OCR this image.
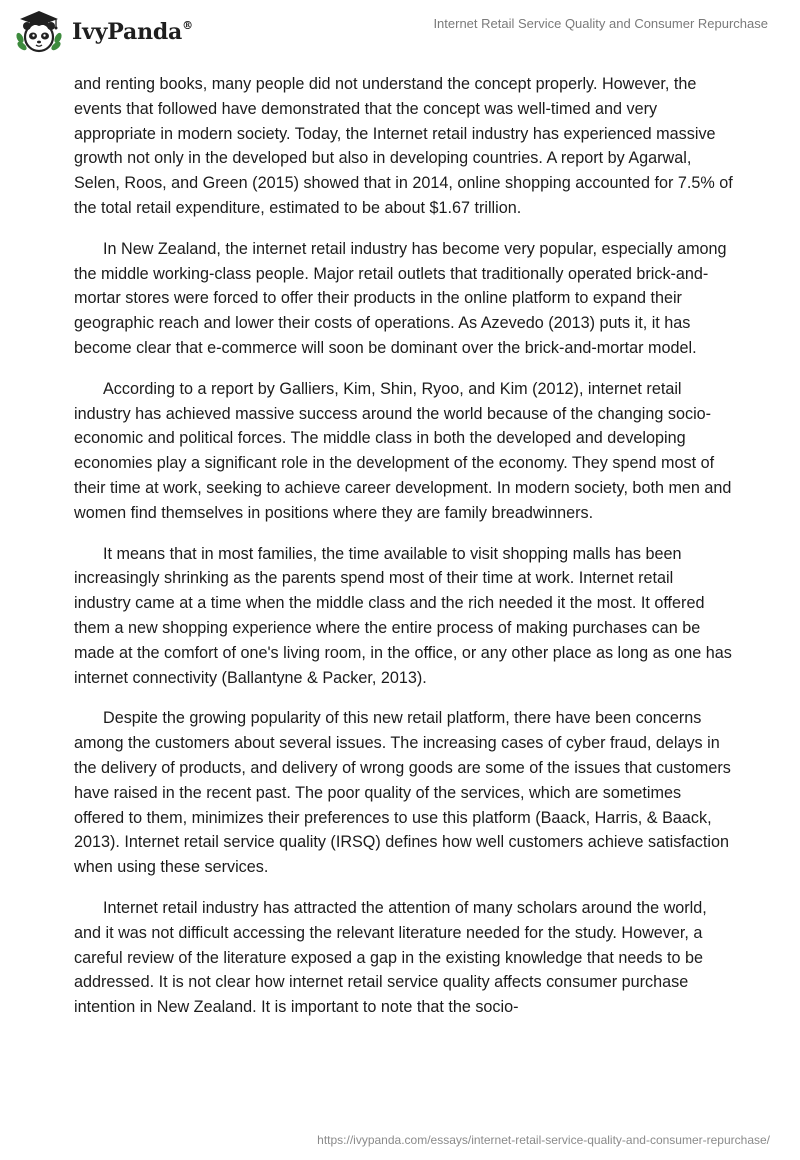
IvyPanda®	Internet Retail Service Quality and Consumer Repurchase

and renting books, many people did not understand the concept properly. However, the events that followed have demonstrated that the concept was well-timed and very appropriate in modern society. Today, the Internet retail industry has experienced massive growth not only in the developed but also in developing countries. A report by Agarwal, Selen, Roos, and Green (2015) showed that in 2014, online shopping accounted for 7.5% of the total retail expenditure, estimated to be about $1.67 trillion.

In New Zealand, the internet retail industry has become very popular, especially among the middle working-class people. Major retail outlets that traditionally operated brick-and-mortar stores were forced to offer their products in the online platform to expand their geographic reach and lower their costs of operations. As Azevedo (2013) puts it, it has become clear that e-commerce will soon be dominant over the brick-and-mortar model.

According to a report by Galliers, Kim, Shin, Ryoo, and Kim (2012), internet retail industry has achieved massive success around the world because of the changing socio-economic and political forces. The middle class in both the developed and developing economies play a significant role in the development of the economy. They spend most of their time at work, seeking to achieve career development. In modern society, both men and women find themselves in positions where they are family breadwinners.

It means that in most families, the time available to visit shopping malls has been increasingly shrinking as the parents spend most of their time at work. Internet retail industry came at a time when the middle class and the rich needed it the most. It offered them a new shopping experience where the entire process of making purchases can be made at the comfort of one's living room, in the office, or any other place as long as one has internet connectivity (Ballantyne & Packer, 2013).

Despite the growing popularity of this new retail platform, there have been concerns among the customers about several issues. The increasing cases of cyber fraud, delays in the delivery of products, and delivery of wrong goods are some of the issues that customers have raised in the recent past. The poor quality of the services, which are sometimes offered to them, minimizes their preferences to use this platform (Baack, Harris, & Baack, 2013). Internet retail service quality (IRSQ) defines how well customers achieve satisfaction when using these services.

Internet retail industry has attracted the attention of many scholars around the world, and it was not difficult accessing the relevant literature needed for the study. However, a careful review of the literature exposed a gap in the existing knowledge that needs to be addressed. It is not clear how internet retail service quality affects consumer purchase intention in New Zealand. It is important to note that the socio-

https://ivypanda.com/essays/internet-retail-service-quality-and-consumer-repurchase/
